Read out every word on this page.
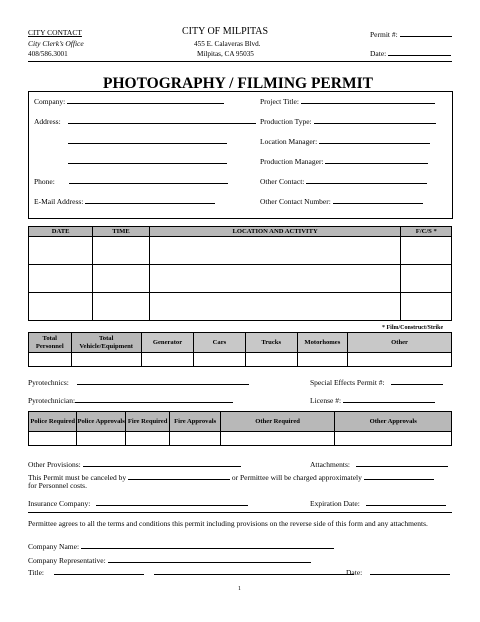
CITY CONTACT
City Clerk’s Office
408/586.3001
CITY OF MILPITAS
455 E. Calaveras Blvd.
Milpitas, CA 95035
Permit #:
Date:
PHOTOGRAPHY / FILMING PERMIT
Company:
Address:
Phone:
E-Mail Address:
Project Title:
Production Type:
Location Manager:
Production Manager:
Other Contact:
Other Contact Number:
DATE	TIME	LOCATION AND ACTIVITY	F/C/S *

* Film/Construct/Strike
Total Personnel	Total Vehicle/Equipment	Generator	Cars	Trucks	Motorhomes	Other

Pyrotechnics:
Pyrotechnician:
Special Effects Permit #:
License #:
Police Required	Police Approvals	Fire Required	Fire Approvals	Other Required	Other Approvals

Other Provisions:	Attachments:
This Permit must be canceled by	or Permittee will be charged approximately
for Personnel costs.
Insurance Company:	Expiration Date:
Permittee agrees to all the terms and conditions this permit including provisions on the reverse side of this form and any attachments.
Company Name:
Company Representative:
Title:	Date:
1
